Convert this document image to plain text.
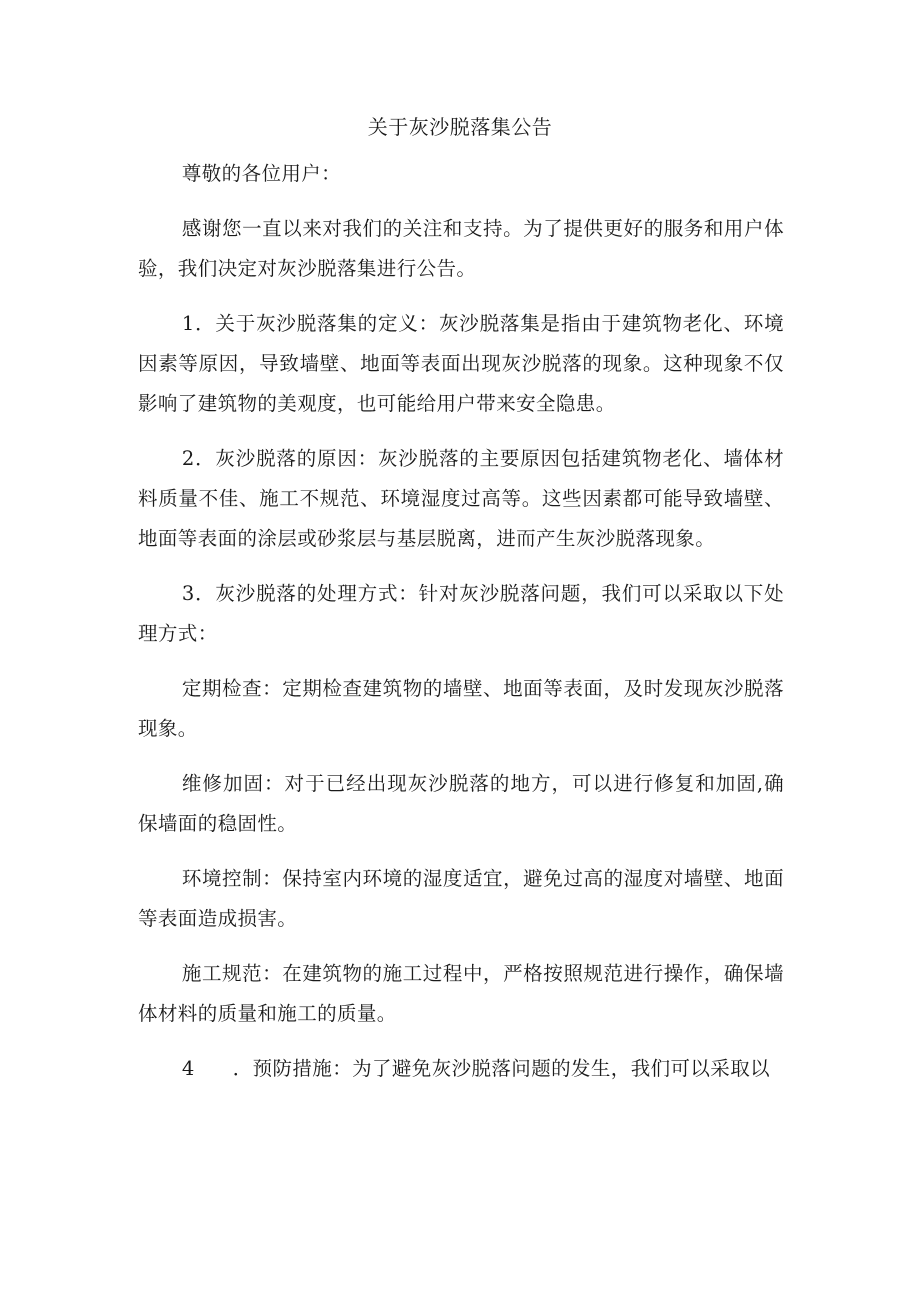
关于灰沙脱落集公告

尊敬的各位用户：

感谢您一直以来对我们的关注和支持。为了提供更好的服务和用户体验，我们决定对灰沙脱落集进行公告。

1．关于灰沙脱落集的定义：灰沙脱落集是指由于建筑物老化、环境因素等原因，导致墙壁、地面等表面出现灰沙脱落的现象。这种现象不仅影响了建筑物的美观度，也可能给用户带来安全隐患。

2．灰沙脱落的原因：灰沙脱落的主要原因包括建筑物老化、墙体材料质量不佳、施工不规范、环境湿度过高等。这些因素都可能导致墙壁、地面等表面的涂层或砂浆层与基层脱离，进而产生灰沙脱落现象。

3．灰沙脱落的处理方式：针对灰沙脱落问题，我们可以采取以下处理方式：

定期检查：定期检查建筑物的墙壁、地面等表面，及时发现灰沙脱落现象。

维修加固：对于已经出现灰沙脱落的地方，可以进行修复和加固,确保墙面的稳固性。

环境控制：保持室内环境的湿度适宜，避免过高的湿度对墙壁、地面等表面造成损害。

施工规范：在建筑物的施工过程中，严格按照规范进行操作，确保墙体材料的质量和施工的质量。

4 ．预防措施：为了避免灰沙脱落问题的发生，我们可以采取以
